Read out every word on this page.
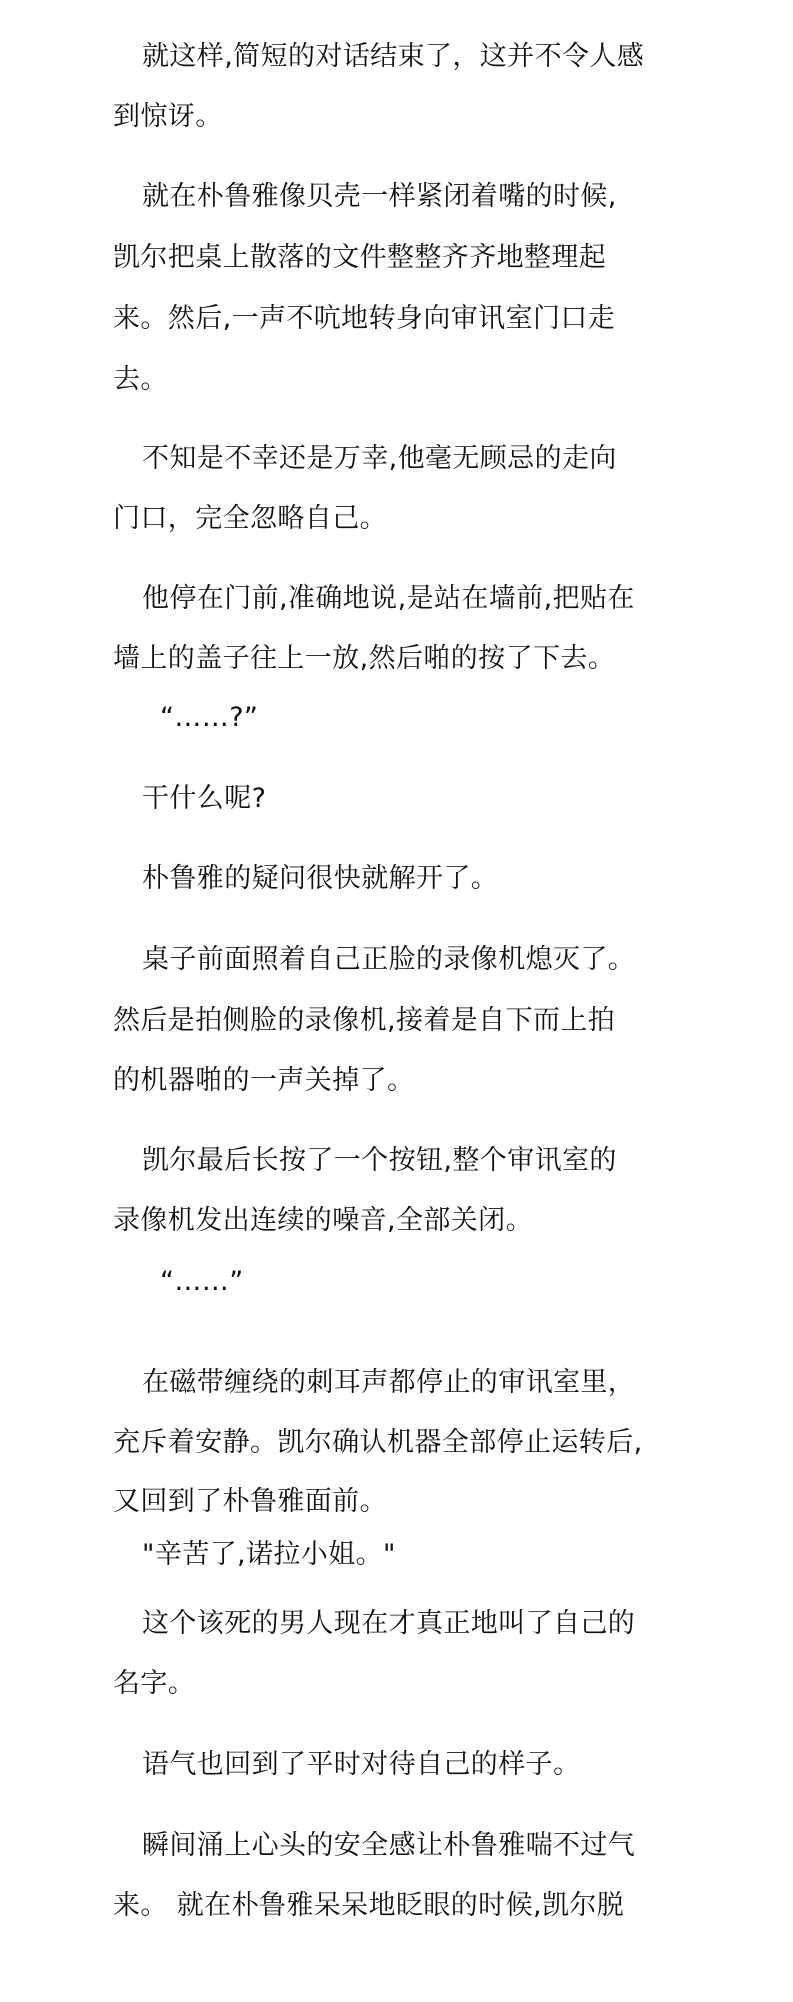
就这样,简短的对话结束了，这并不令人感
到惊讶。
就在朴鲁雅像贝壳一样紧闭着嘴的时候,
凯尔把桌上散落的文件整整齐齐地整理起
来。然后,一声不吭地转身向审讯室门口走
去。
不知是不幸还是万幸,他毫无顾忌的走向
门口，完全忽略自己。
他停在门前,准确地说,是站在墙前,把贴在
墙上的盖子往上一放,然后啪的按了下去。
“……?”
干什么呢?
朴鲁雅的疑问很快就解开了。
桌子前面照着自己正脸的录像机熄灭了。
然后是拍侧脸的录像机,接着是自下而上拍
的机器啪的一声关掉了。
凯尔最后长按了一个按钮,整个审讯室的
录像机发出连续的噪音,全部关闭。
“……”
在磁带缠绕的刺耳声都停止的审讯室里，
充斥着安静。凯尔确认机器全部停止运转后,
又回到了朴鲁雅面前。
"辛苦了,诺拉小姐。"
这个该死的男人现在才真正地叫了自己的
名字。
语气也回到了平时对待自己的样子。
瞬间涌上心头的安全感让朴鲁雅喘不过气
来。 就在朴鲁雅呆呆地眨眼的时候,凯尔脱
